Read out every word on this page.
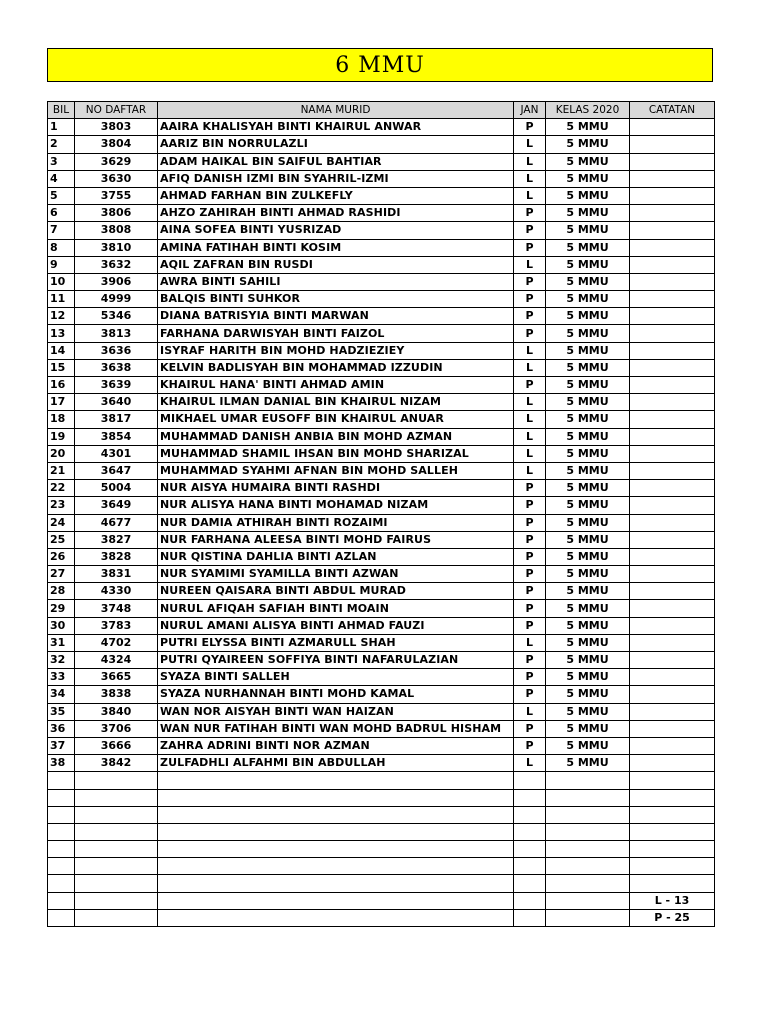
6 MMU
BIL	NO DAFTAR	NAMA MURID	JAN	KELAS 2020	CATATAN
1	3803	AAIRA KHALISYAH BINTI KHAIRUL ANWAR	P	5 MMU	
2	3804	AARIZ BIN NORRULAZLI	L	5 MMU	
3	3629	ADAM HAIKAL BIN SAIFUL BAHTIAR	L	5 MMU	
4	3630	AFIQ DANISH IZMI BIN SYAHRIL-IZMI	L	5 MMU	
5	3755	AHMAD FARHAN BIN ZULKEFLY	L	5 MMU	
6	3806	AHZO ZAHIRAH BINTI AHMAD RASHIDI	P	5 MMU	
7	3808	AINA SOFEA BINTI YUSRIZAD	P	5 MMU	
8	3810	AMINA FATIHAH BINTI KOSIM	P	5 MMU	
9	3632	AQIL ZAFRAN BIN RUSDI	L	5 MMU	
10	3906	AWRA BINTI SAHILI	P	5 MMU	
11	4999	BALQIS BINTI SUHKOR	P	5 MMU	
12	5346	DIANA BATRISYIA BINTI MARWAN	P	5 MMU	
13	3813	FARHANA DARWISYAH BINTI FAIZOL	P	5 MMU	
14	3636	ISYRAF HARITH BIN MOHD HADZIEZIEY	L	5 MMU	
15	3638	KELVIN BADLISYAH BIN MOHAMMAD IZZUDIN	L	5 MMU	
16	3639	KHAIRUL HANA' BINTI AHMAD AMIN	P	5 MMU	
17	3640	KHAIRUL ILMAN DANIAL BIN KHAIRUL NIZAM	L	5 MMU	
18	3817	MIKHAEL UMAR EUSOFF BIN KHAIRUL ANUAR	L	5 MMU	
19	3854	MUHAMMAD DANISH ANBIA BIN MOHD AZMAN	L	5 MMU	
20	4301	MUHAMMAD SHAMIL IHSAN BIN MOHD SHARIZAL	L	5 MMU	
21	3647	MUHAMMAD SYAHMI AFNAN BIN MOHD SALLEH	L	5 MMU	
22	5004	NUR AISYA HUMAIRA BINTI RASHDI	P	5 MMU	
23	3649	NUR ALISYA HANA BINTI MOHAMAD NIZAM	P	5 MMU	
24	4677	NUR DAMIA ATHIRAH BINTI ROZAIMI	P	5 MMU	
25	3827	NUR FARHANA ALEESA BINTI MOHD FAIRUS	P	5 MMU	
26	3828	NUR QISTINA DAHLIA BINTI AZLAN	P	5 MMU	
27	3831	NUR SYAMIMI SYAMILLA BINTI AZWAN	P	5 MMU	
28	4330	NUREEN QAISARA BINTI ABDUL MURAD	P	5 MMU	
29	3748	NURUL AFIQAH SAFIAH BINTI MOAIN	P	5 MMU	
30	3783	NURUL AMANI ALISYA BINTI AHMAD FAUZI	P	5 MMU	
31	4702	PUTRI ELYSSA BINTI AZMARULL SHAH	L	5 MMU	
32	4324	PUTRI QYAIREEN SOFFIYA BINTI NAFARULAZIAN	P	5 MMU	
33	3665	SYAZA BINTI SALLEH	P	5 MMU	
34	3838	SYAZA NURHANNAH BINTI MOHD KAMAL	P	5 MMU	
35	3840	WAN NOR AISYAH BINTI WAN HAIZAN	L	5 MMU	
36	3706	WAN NUR FATIHAH BINTI WAN MOHD BADRUL HISHAM	P	5 MMU	
37	3666	ZAHRA ADRINI BINTI NOR AZMAN	P	5 MMU	
38	3842	ZULFADHLI ALFAHMI BIN ABDULLAH	L	5 MMU	

					L - 13
					P - 25
